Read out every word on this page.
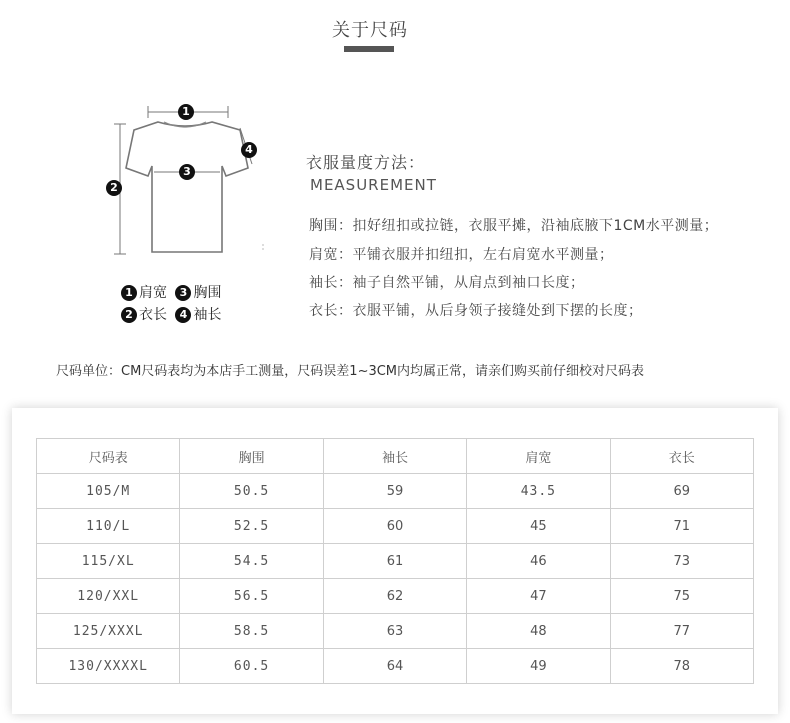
关于尺码
1
2
3
4
1 肩宽 3 胸围
2 衣长 4 袖长
衣服量度方法：
MEASUREMENT
胸围：扣好纽扣或拉链，衣服平摊，沿袖底腋下1CM水平测量；
肩宽：平铺衣服并扣纽扣，左右肩宽水平测量；
袖长：袖子自然平铺，从肩点到袖口长度；
衣长：衣服平铺，从后身领子接缝处到下摆的长度；
尺码单位：CM尺码表均为本店手工测量，尺码误差1~3CM内均属正常，请亲们购买前仔细校对尺码表
尺码表	胸围	袖长	肩宽	衣长
105/M	50.5	59	43.5	69
110/L	52.5	60	45	71
115/XL	54.5	61	46	73
120/XXL	56.5	62	47	75
125/XXXL	58.5	63	48	77
130/XXXXL	60.5	64	49	78
